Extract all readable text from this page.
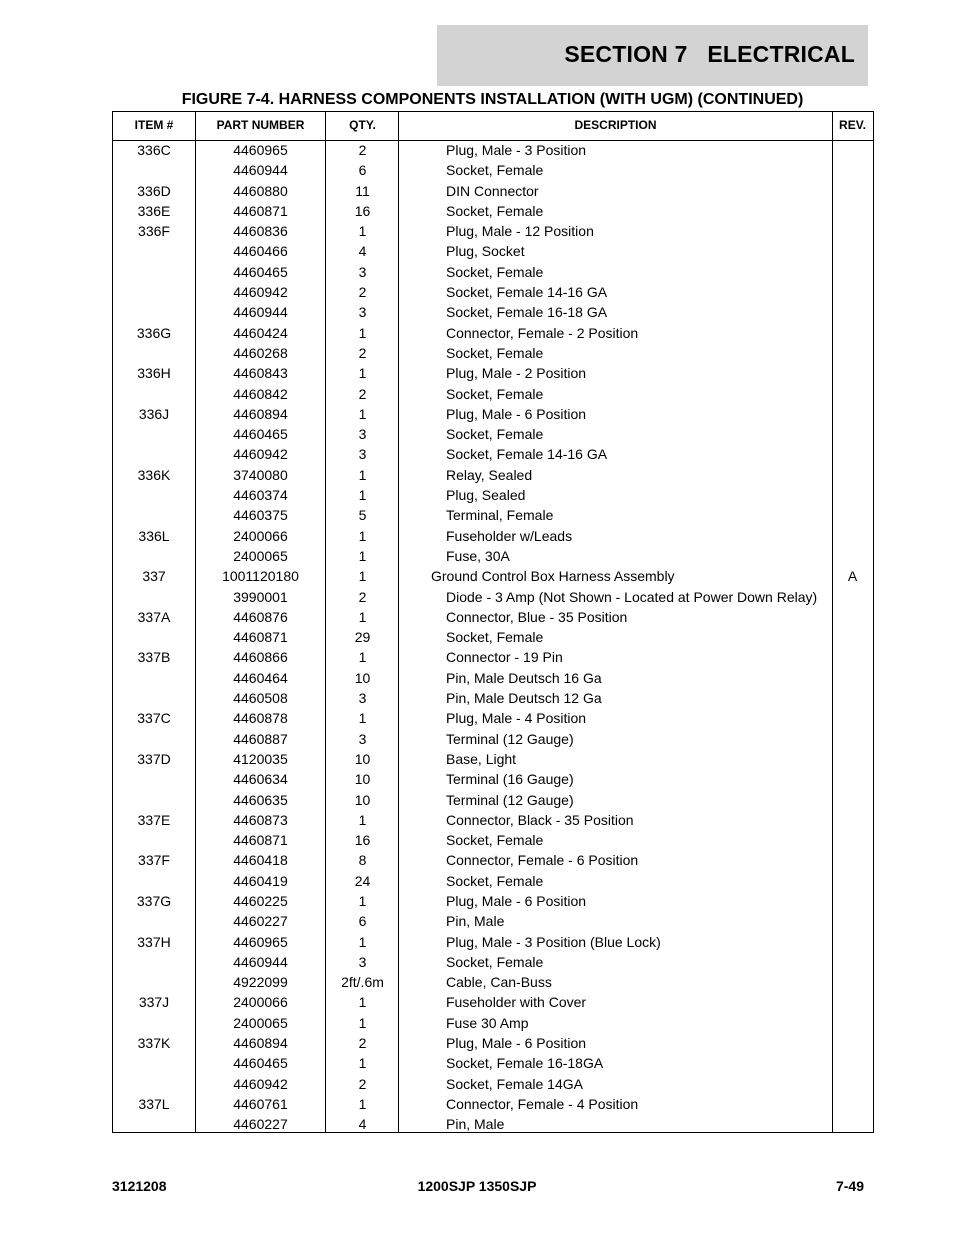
SECTION 7   ELECTRICAL
FIGURE 7-4. HARNESS COMPONENTS INSTALLATION (WITH UGM) (CONTINUED)
ITEM #	PART NUMBER	QTY.	DESCRIPTION	REV.
336C	4460965	2	Plug, Male - 3 Position
4460944	6	Socket, Female
336D	4460880	11	DIN Connector
336E	4460871	16	Socket, Female
336F	4460836	1	Plug, Male - 12 Position
4460466	4	Plug, Socket
4460465	3	Socket, Female
4460942	2	Socket, Female 14-16 GA
4460944	3	Socket, Female 16-18 GA
336G	4460424	1	Connector, Female - 2 Position
4460268	2	Socket, Female
336H	4460843	1	Plug, Male - 2 Position
4460842	2	Socket, Female
336J	4460894	1	Plug, Male - 6 Position
4460465	3	Socket, Female
4460942	3	Socket, Female 14-16 GA
336K	3740080	1	Relay, Sealed
4460374	1	Plug, Sealed
4460375	5	Terminal, Female
336L	2400066	1	Fuseholder w/Leads
2400065	1	Fuse, 30A
337	1001120180	1	Ground Control Box Harness Assembly	A
3990001	2	Diode - 3 Amp (Not Shown - Located at Power Down Relay)
337A	4460876	1	Connector, Blue - 35 Position
4460871	29	Socket, Female
337B	4460866	1	Connector - 19 Pin
4460464	10	Pin, Male Deutsch 16 Ga
4460508	3	Pin, Male Deutsch 12 Ga
337C	4460878	1	Plug, Male - 4 Position
4460887	3	Terminal (12 Gauge)
337D	4120035	10	Base, Light
4460634	10	Terminal (16 Gauge)
4460635	10	Terminal (12 Gauge)
337E	4460873	1	Connector, Black - 35 Position
4460871	16	Socket, Female
337F	4460418	8	Connector, Female - 6 Position
4460419	24	Socket, Female
337G	4460225	1	Plug, Male - 6 Position
4460227	6	Pin, Male
337H	4460965	1	Plug, Male - 3 Position (Blue Lock)
4460944	3	Socket, Female
4922099	2ft/.6m	Cable, Can-Buss
337J	2400066	1	Fuseholder with Cover
2400065	1	Fuse 30 Amp
337K	4460894	2	Plug, Male - 6 Position
4460465	1	Socket, Female 16-18GA
4460942	2	Socket, Female 14GA
337L	4460761	1	Connector, Female - 4 Position
4460227	4	Pin, Male

3121208	1200SJP 1350SJP	7-49
